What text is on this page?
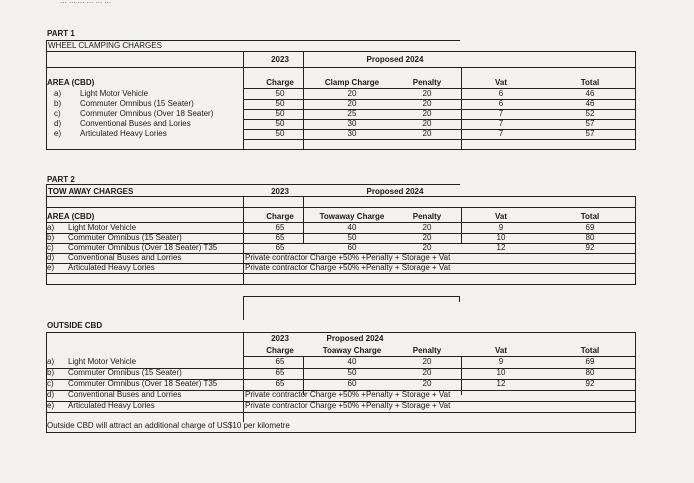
... ... ... ... ... ...
PART 1
WHEEL CLAMPING CHARGES
2023	Proposed 2024
AREA (CBD)	Charge	Clamp Charge	Penalty	Vat	Total
a) Light Motor Vehicle	50	20	20	6	46
b) Commuter Omnibus (15 Seater)	50	20	20	6	46
c) Commuter Omnibus (Over 18 Seater)	50	25	20	7	52
d) Conventional Buses and Lories	50	30	20	7	57
e) Articulated Heavy Lories	50	30	20	7	57
PART 2
TOW AWAY CHARGES	2023	Proposed 2024
AREA (CBD)	Charge	Towaway Charge	Penalty	Vat	Total
a) Light Motor Vehicle	65	40	20	9	69
b) Commuter Omnibus (15 Seater)	65	50	20	10	80
c) Commuter Omnibus (Over 18 Seater) T35	65	60	20	12	92
d) Conventional Buses and Lorries	Private contractor Charge +50% +Penalty + Storage + Vat
e) Articulated Heavy Lories	Private contractor Charge +50% +Penalty + Storage + Vat
OUTSIDE CBD
2023	Proposed 2024
Charge	Toaway Charge	Penalty	Vat	Total
a) Light Motor Vehicle	65	40	20	9	69
b) Commuter Omnibus (15 Seater)	65	50	20	10	80
c) Commuter Omnibus (Over 18 Seater) T35	65	60	20	12	92
d) Conventional Buses and Lorries	Private contractor Charge +50% +Penalty + Storage + Vat
e) Articulated Heavy Lories	Private contractor Charge +50% +Penalty + Storage + Vat
Outside CBD will attract an additional charge of US$10 per kilometre
